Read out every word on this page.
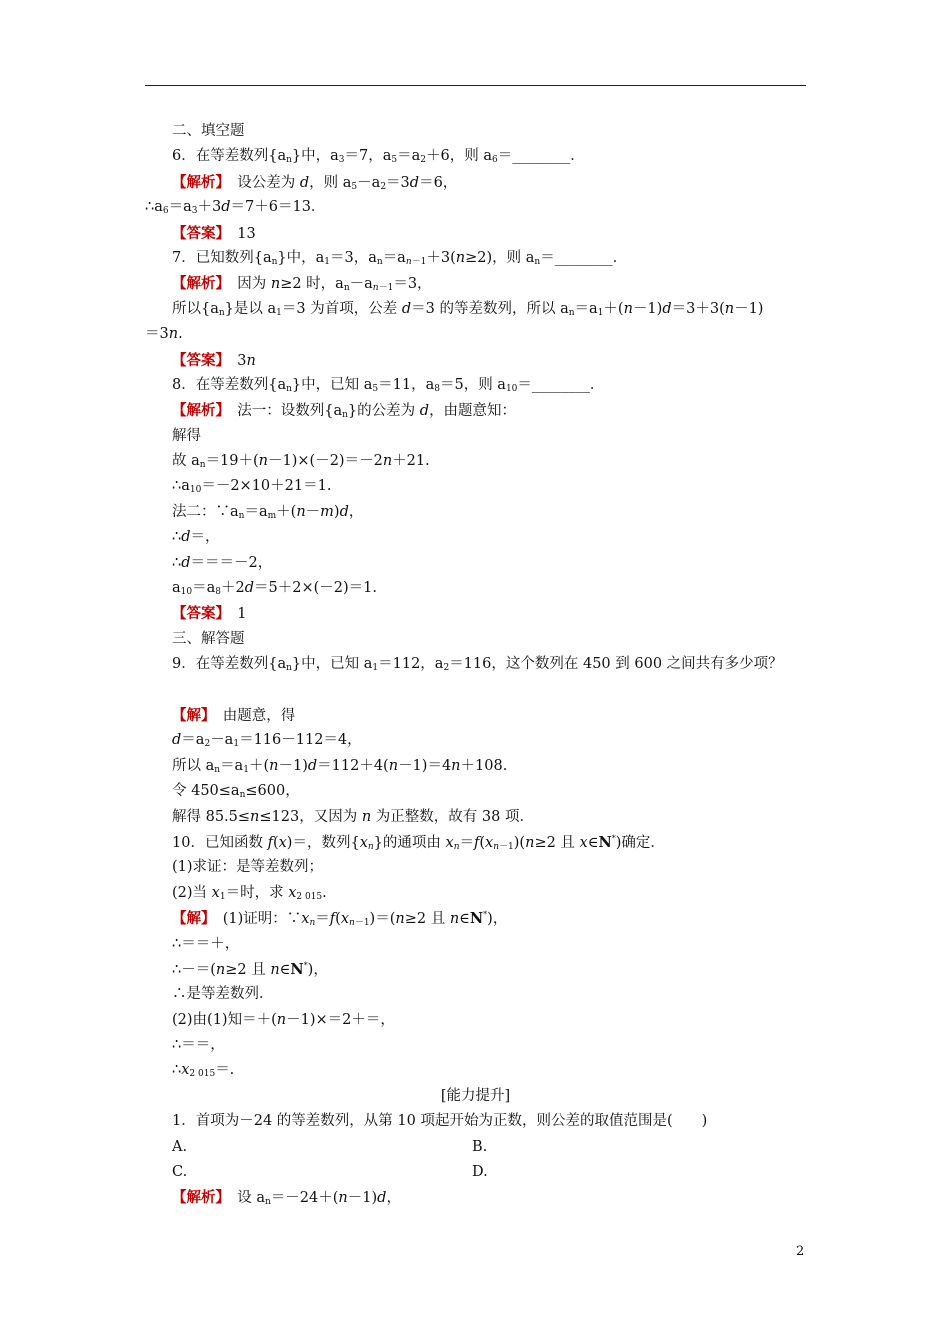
二、填空题
6．在等差数列$\{a_n\}$中，$a_3=7$，$a_5=a_2+6$，则 $a_6=\_\_\_\_\_\_\_\_$．
【解析】　 设公差为 d，则 $a_5-a_2=3d=6$，
$\therefore a_6=a_3+3d=7+6=13$．
【答案】　 13
7．已知数列$\{a_n\}$中，$a_1=3$，$a_n=a_{n-1}+3(n\ge 2)$，则 $a_n=\_\_\_\_\_\_\_\_$．
【解析】　 因为 n≥2 时，$a_n-a_{n-1}=3$，
所以$\{a_n\}$是以 $a_1=3$ 为首项，公差 d＝3 的等差数列，所以 $a_n=a_1+(n-1)d=3+3(n-1)$
＝3n.
【答案】　 3n
8．在等差数列$\{a_n\}$中，已知 $a_5=11$，$a_8=5$，则 $a_{10}=\_\_\_\_\_\_\_\_$．
【解析】　 法一：设数列$\{a_n\}$的公差为 d，由题意知：
解得
故 $a_n=19+(n-1)\times(-2)=-2n+21$.
$\therefore a_{10}=-2\times 10+21=1$.
法二：$\because a_n=a_m+(n-m)d$，
∴d＝，
∴d＝＝＝－2，
$a_{10}=a_8+2d=5+2\times(-2)=1$.
【答案】　 1
三、解答题
9．在等差数列$\{a_n\}$中，已知 $a_1=112$，$a_2=116$，这个数列在 450 到 600 之间共有多少项？
【解】　 由题意，得
$d=a_2-a_1=116-112=4$，
所以 $a_n=a_1+(n-1)d=112+4(n-1)=4n+108$.
令 $450\le a_n\le 600$，
解得 85.5≤n≤123，又因为 n 为正整数，故有 38 项．
10．已知函数 f(x)＝，数列$\{x_n\}$的通项由 $x_n=f(x_{n-1})(n\ge 2$ 且 x∈N*)确定．
(1)求证：是等差数列；
(2)当 $x_1=$时，求 $x_{2 015}$.
【解】　 (1)证明：$\because x_n=f(x_{n-1})=(n\ge 2$ 且 n∈N*)，
∴＝＝＋，
∴－＝(n≥2 且 n∈N*)，
∴是等差数列．
(2)由(1)知＝＋(n－1)×＝2＋＝，
∴＝＝，
$\therefore x_{2 015}=$.
[能力提升]
1．首项为－24 的等差数列，从第 10 项起开始为正数，则公差的取值范围是(　　)
A.	B.
C.	D.
【解析】　 设 $a_n=-24+(n-1)d$，
2
